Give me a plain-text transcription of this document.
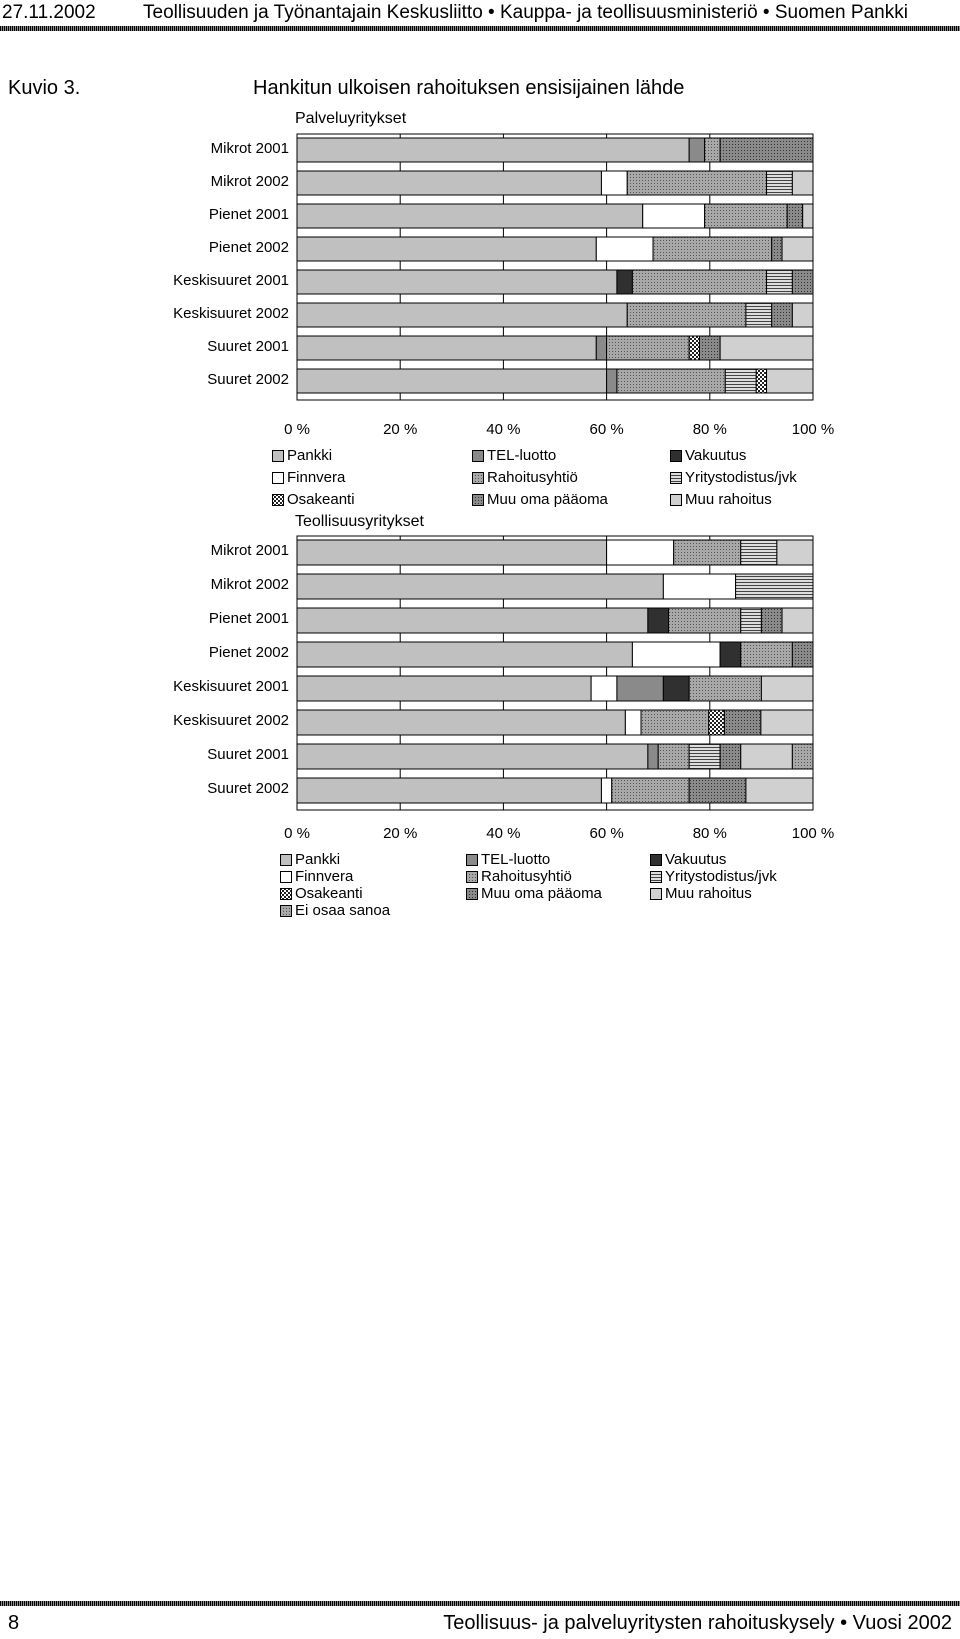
27.11.2002 Teollisuuden ja Työnantajain Keskusliitto • Kauppa- ja teollisuusministeriö • Suomen Pankki
Kuvio 3.	Hankitun ulkoisen rahoituksen ensisijainen lähde
Palveluyritykset
Mikrot 2001
Mikrot 2002
Pienet 2001
Pienet 2002
Keskisuuret 2001
Keskisuuret 2002
Suuret 2001
Suuret 2002
0 %	20 %	40 %	60 %	80 %	100 %
Pankki	TEL-luotto	Vakuutus
Finnvera	Rahoitusyhtiö	Yritystodistus/jvk
Osakeanti	Muu oma pääoma	Muu rahoitus
Teollisuusyritykset
Mikrot 2001
Mikrot 2002
Pienet 2001
Pienet 2002
Keskisuuret 2001
Keskisuuret 2002
Suuret 2001
Suuret 2002
0 %	20 %	40 %	60 %	80 %	100 %
Pankki	TEL-luotto	Vakuutus
Finnvera	Rahoitusyhtiö	Yritystodistus/jvk
Osakeanti	Muu oma pääoma	Muu rahoitus
Ei osaa sanoa
8	Teollisuus- ja palveluyritysten rahoituskysely • Vuosi 2002
